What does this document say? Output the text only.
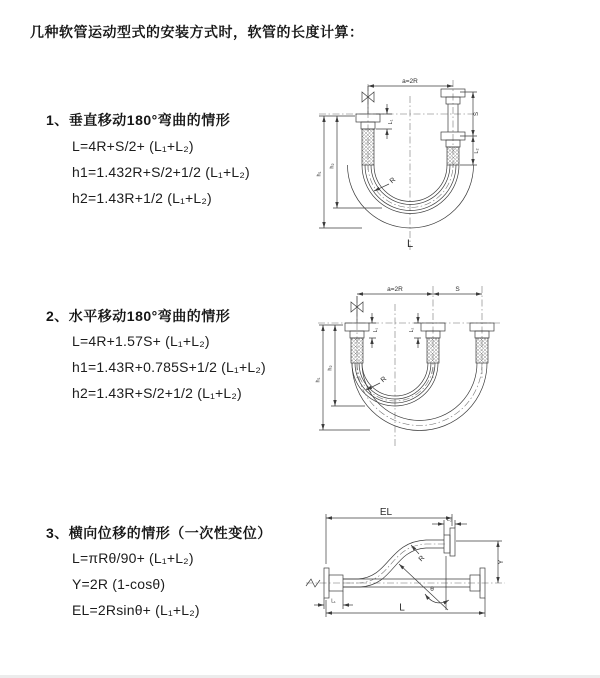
几种软管运动型式的安装方式时，软管的长度计算：
1、垂直移动180°弯曲的情形
L=4R+S/2+ (L₁+L₂)
h1=1.432R+S/2+1/2 (L₁+L₂)
h2=1.43R+1/2 (L₁+L₂)
2、水平移动180°弯曲的情形
L=4R+1.57S+ (L₁+L₂)
h1=1.43R+0.785S+1/2 (L₁+L₂)
h2=1.43R+S/2+1/2 (L₁+L₂)
3、横向位移的情形（一次性变位）
L=πRθ/90+ (L₁+L₂)
Y=2R (1-cosθ)
EL=2Rsinθ+ (L₁+L₂)
a=2R
L₁
S
L₂
h₁
h₂
R
L
a=2R	S
L₁	L₂
h₁
h₂
R
θ
R
EL
L₂
Y
L₁
L
